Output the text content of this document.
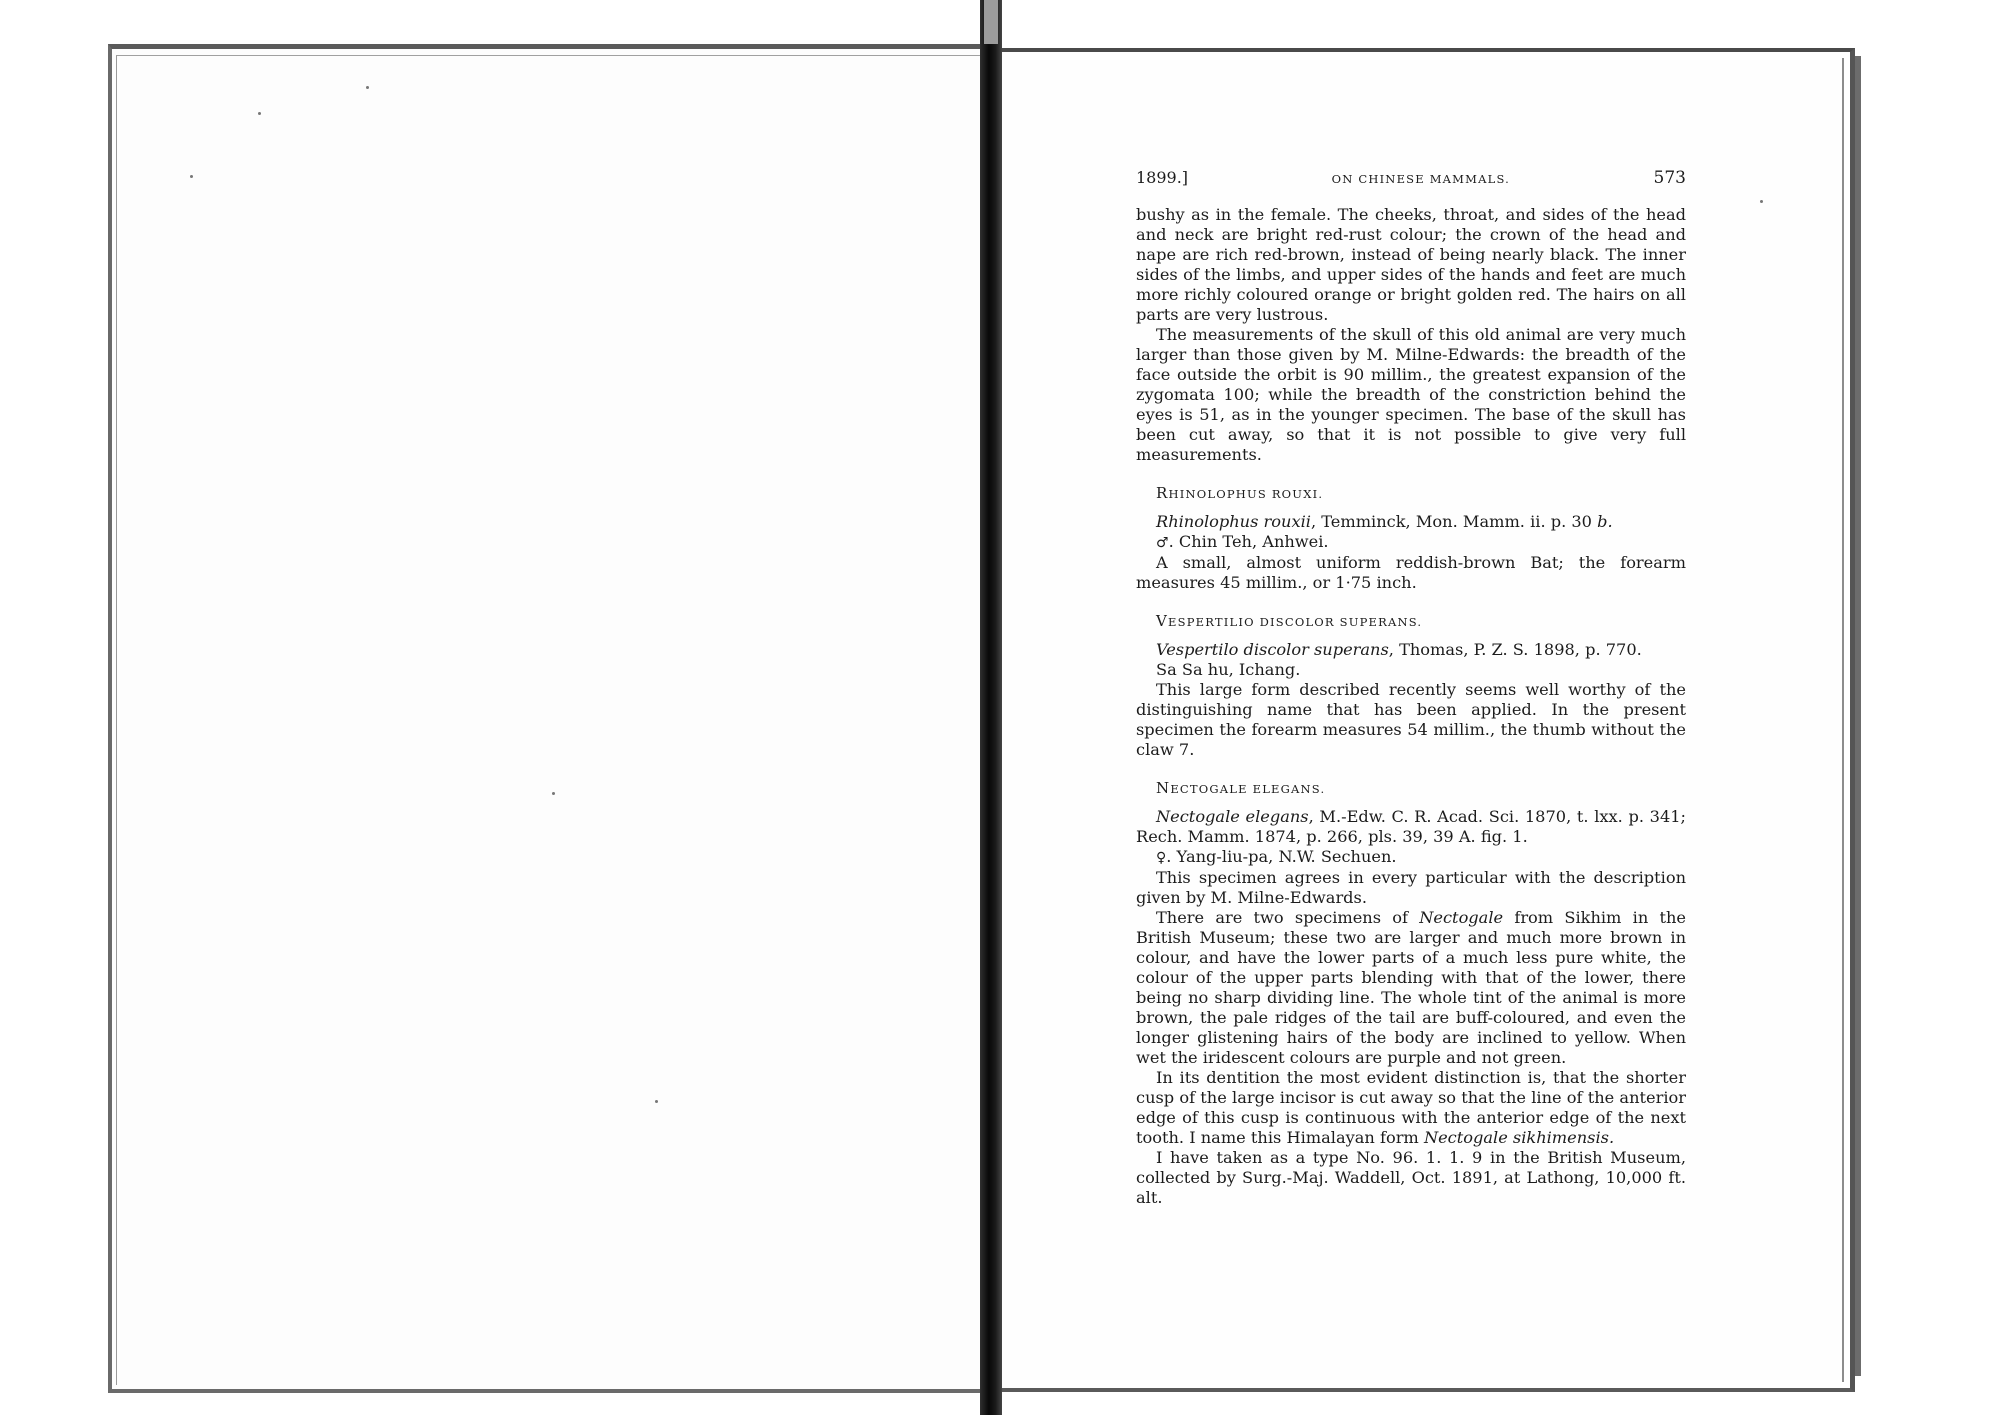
1899.]	ON CHINESE MAMMALS.	573

bushy as in the female. The cheeks, throat, and sides of the head and neck are bright red-rust colour; the crown of the head and nape are rich red-brown, instead of being nearly black. The inner sides of the limbs, and upper sides of the hands and feet are much more richly coloured orange or bright golden red. The hairs on all parts are very lustrous.

The measurements of the skull of this old animal are very much larger than those given by M. Milne-Edwards: the breadth of the face outside the orbit is 90 millim., the greatest expansion of the zygomata 100; while the breadth of the constriction behind the eyes is 51, as in the younger specimen. The base of the skull has been cut away, so that it is not possible to give very full measurements.

RHINOLOPHUS ROUXI.

Rhinolophus rouxii, Temminck, Mon. Mamm. ii. p. 30 b.

♂. Chin Teh, Anhwei.

A small, almost uniform reddish-brown Bat; the forearm measures 45 millim., or 1·75 inch.

VESPERTILIO DISCOLOR SUPERANS.

Vespertilo discolor superans, Thomas, P. Z. S. 1898, p. 770.

Sa Sa hu, Ichang.

This large form described recently seems well worthy of the distinguishing name that has been applied. In the present specimen the forearm measures 54 millim., the thumb without the claw 7.

NECTOGALE ELEGANS.

Nectogale elegans, M.-Edw. C. R. Acad. Sci. 1870, t. lxx. p. 341; Rech. Mamm. 1874, p. 266, pls. 39, 39 A. fig. 1.

♀. Yang-liu-pa, N.W. Sechuen.

This specimen agrees in every particular with the description given by M. Milne-Edwards.

There are two specimens of Nectogale from Sikhim in the British Museum; these two are larger and much more brown in colour, and have the lower parts of a much less pure white, the colour of the upper parts blending with that of the lower, there being no sharp dividing line. The whole tint of the animal is more brown, the pale ridges of the tail are buff-coloured, and even the longer glistening hairs of the body are inclined to yellow. When wet the iridescent colours are purple and not green.

In its dentition the most evident distinction is, that the shorter cusp of the large incisor is cut away so that the line of the anterior edge of this cusp is continuous with the anterior edge of the next tooth. I name this Himalayan form Nectogale sikhimensis.

I have taken as a type No. 96. 1. 1. 9 in the British Museum, collected by Surg.-Maj. Waddell, Oct. 1891, at Lathong, 10,000 ft. alt.
